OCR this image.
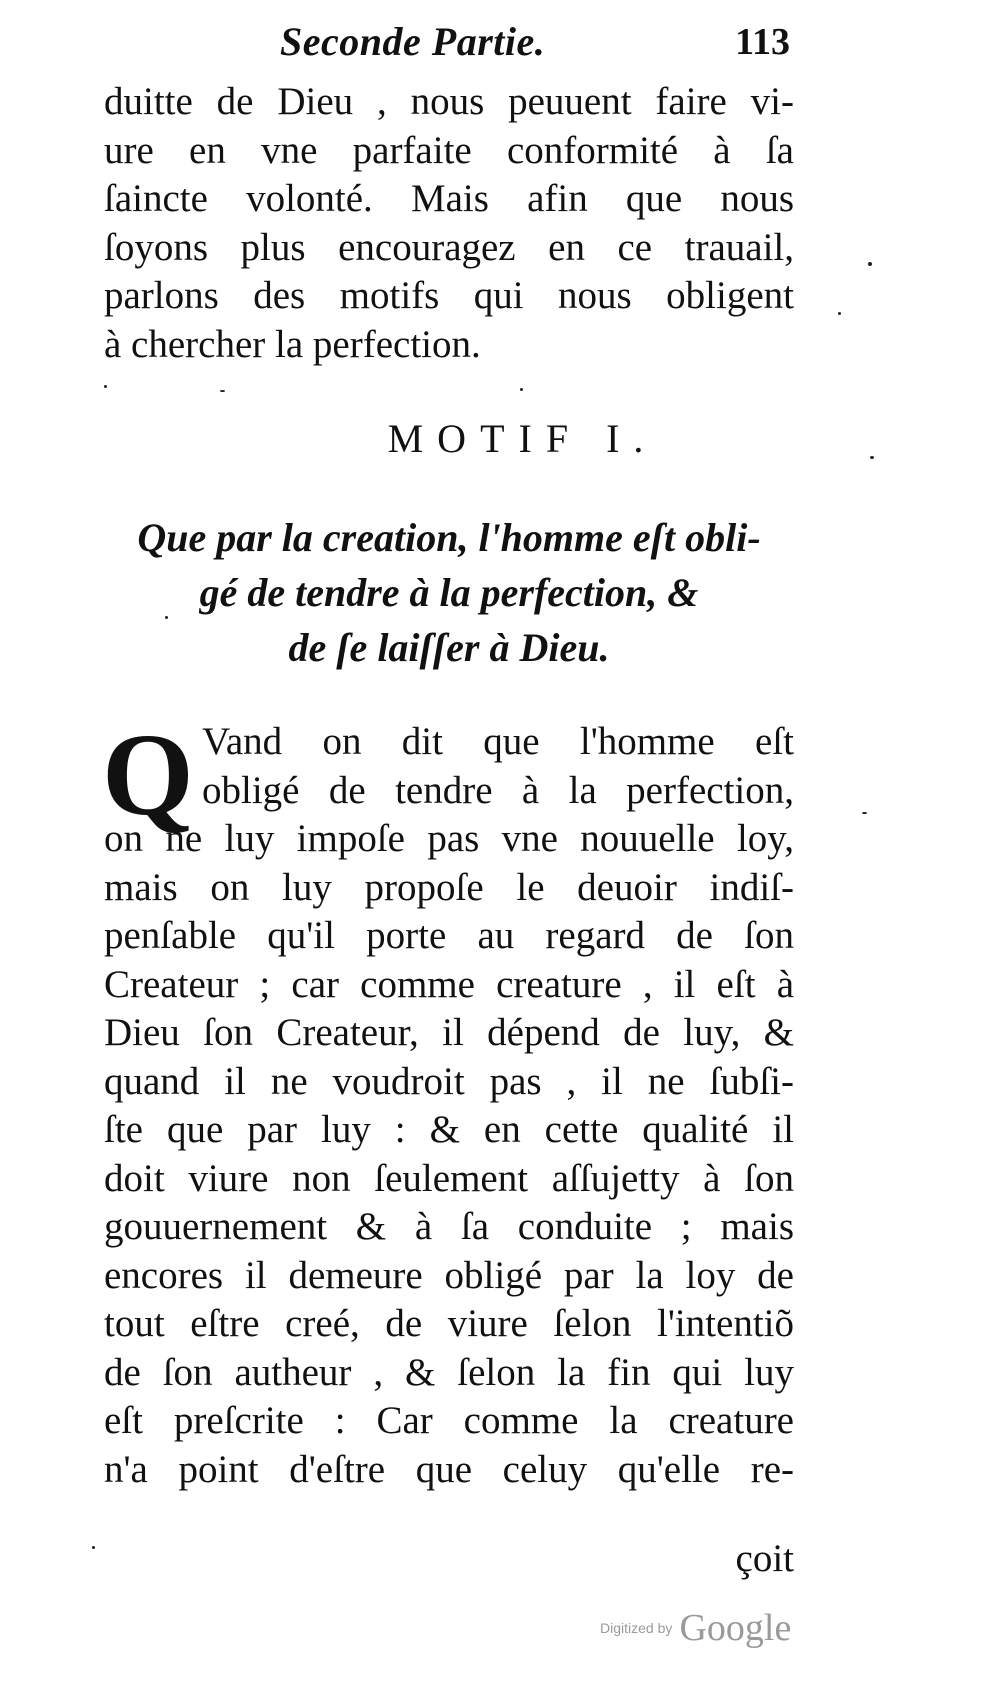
Seconde Partie.	113
duitte de Dieu , nous peuuent faire vi-
ure en vne parfaite conformité à ſa
ſaincte volonté. Mais afin que nous
ſoyons plus encouragez en ce trauail,
parlons des motifs qui nous obligent
à chercher la perfection.
MOTIF I.
Que par la creation, l'homme eſt obli-
gé de tendre à la perfection, &
de ſe laiſſer à Dieu.
Q Vand on dit que l'homme eſt
obligé de tendre à la perfection,
on ne luy impoſe pas vne nouuelle loy,
mais on luy propoſe le deuoir indiſ-
penſable qu'il porte au regard de ſon
Createur ; car comme creature , il eſt à
Dieu ſon Createur, il dépend de luy, &
quand il ne voudroit pas , il ne ſubſi-
ſte que par luy : & en cette qualité il
doit viure non ſeulement aſſujetty à ſon
gouuernement & à ſa conduite ; mais
encores il demeure obligé par la loy de
tout eſtre creé, de viure ſelon l'intentiõ
de ſon autheur , & ſelon la fin qui luy
eſt preſcrite : Car comme la creature
n'a point d'eſtre que celuy qu'elle re-
çoit
Digitized by Google
